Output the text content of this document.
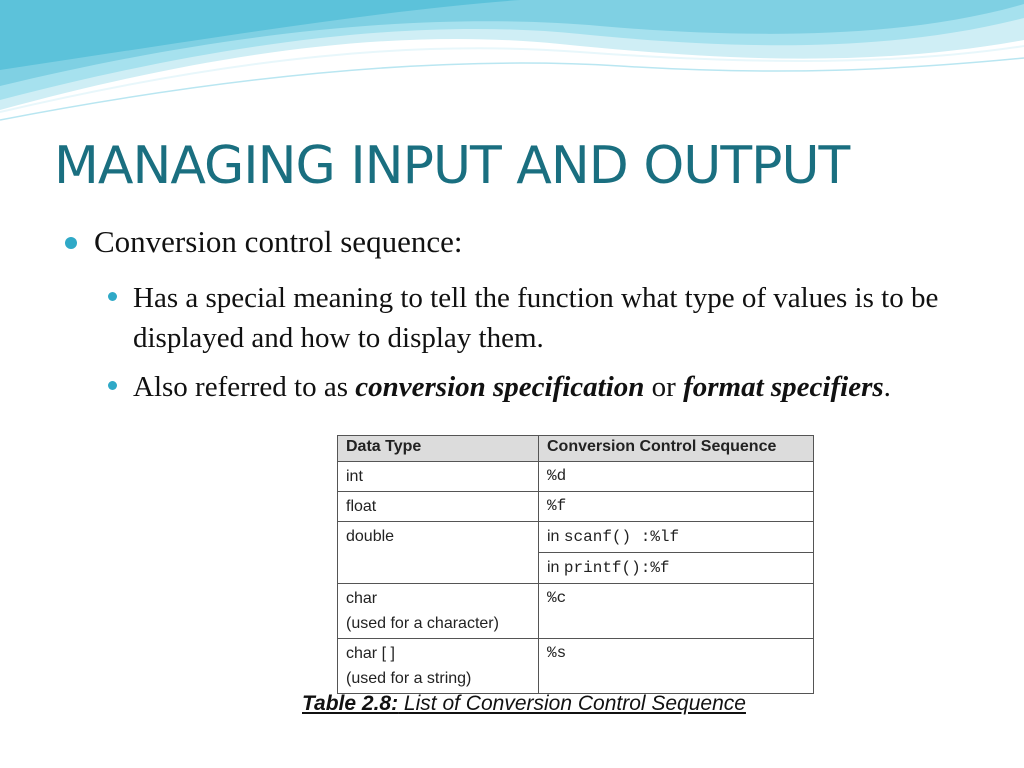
MANAGING INPUT AND OUTPUT
Conversion control sequence:
Has a special meaning to tell the function what type of values is to be displayed and how to display them.
Also referred to as conversion specification or format specifiers.
Data Type	Conversion Control Sequence
int	%d
float	%f
double	in scanf() :%lf
	in printf():%f

char
(used for a character)	%c

char [ ]
(used for a string)	%s
Table 2.8: List of Conversion Control Sequence
